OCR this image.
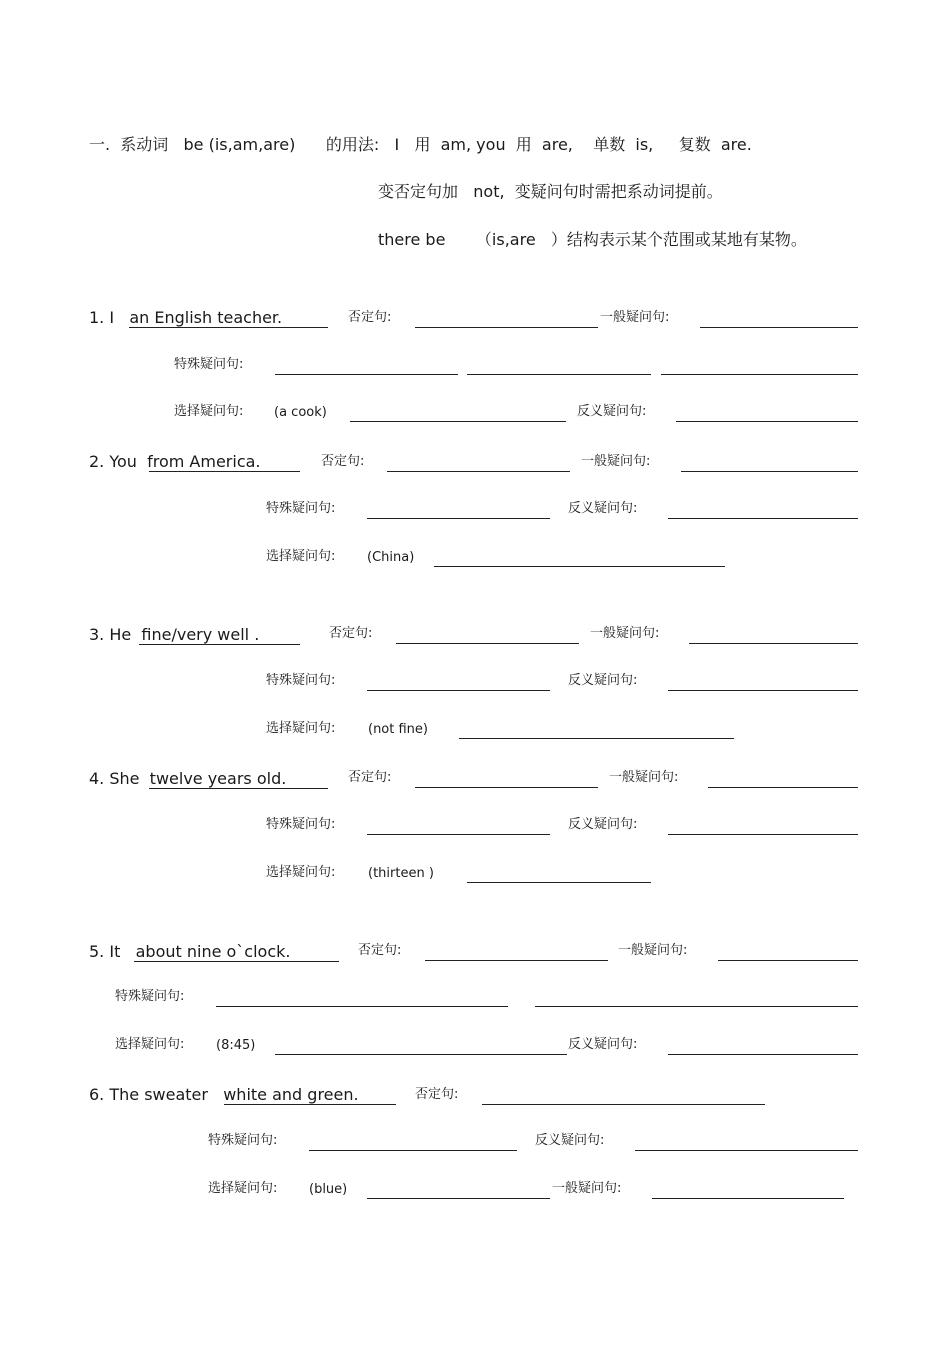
一.  系动词   be (is,am,are)      的用法:   I   用  am, you  用  are,    单数  is,     复数  are.
变否定句加   not,  变疑问句时需把系动词提前。
there be      （is,are   ）结构表示某个范围或某地有某物。
1. I   an English teacher.	否定句:	一般疑问句:
特殊疑问句:
选择疑问句: (a cook)	反义疑问句:
2. You  from America.	否定句:	一般疑问句:
特殊疑问句:	反义疑问句:
选择疑问句: (China)
3. He  fine/very well .	否定句:	一般疑问句:
特殊疑问句:	反义疑问句:
选择疑问句:	(not fine)
4. She  twelve years old.	否定句:	一般疑问句:
特殊疑问句:	反义疑问句:
选择疑问句:	(thirteen )
5. It   about nine o`clock.	否定句:	一般疑问句:
特殊疑问句:
选择疑问句: (8:45)	反义疑问句:
6. The sweater   white and green.	否定句:
特殊疑问句:	反义疑问句:
选择疑问句: (blue)	一般疑问句:
